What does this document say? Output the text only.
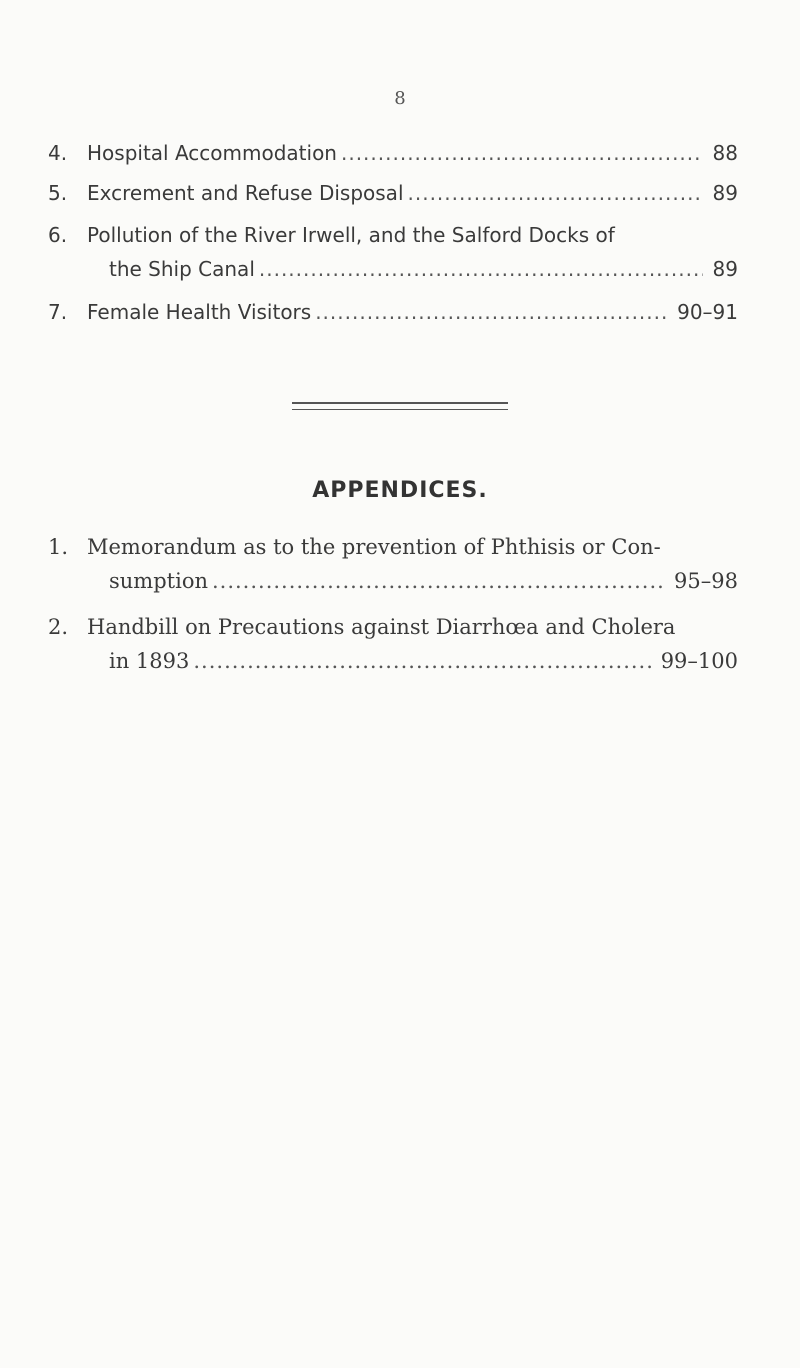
8
4. Hospital Accommodation .....	88
5. Excrement and Refuse Disposal .....	89
6. Pollution of the River Irwell, and the Salford Docks of
the Ship Canal .....	89
7. Female Health Visitors .....	90–91
APPENDICES.
1. Memorandum as to the prevention of Phthisis or Con-
sumption .....	95–98
2. Handbill on Precautions against Diarrhœa and Cholera
in 1893 .....	99–100
